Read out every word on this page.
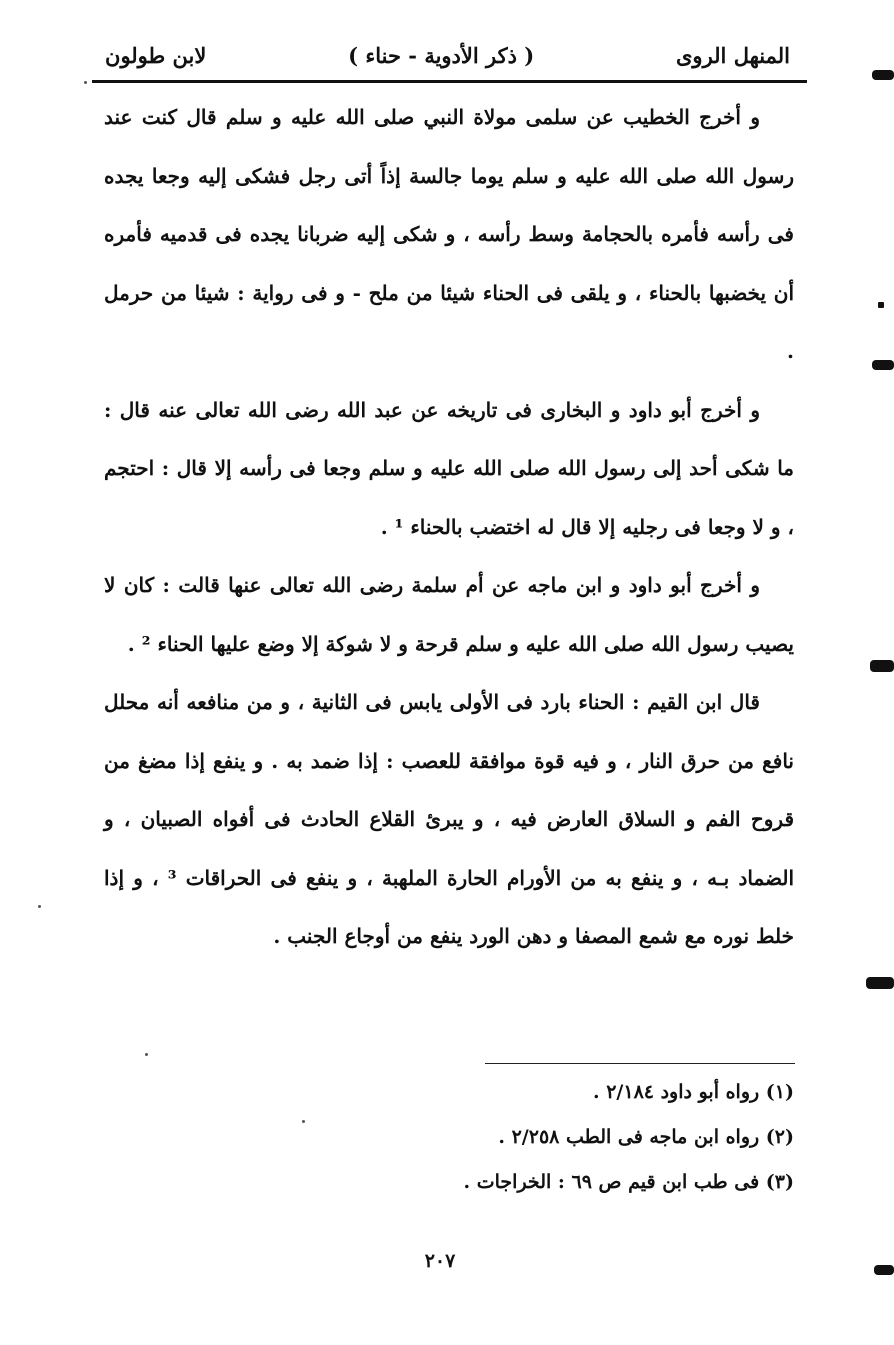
المنهل الروى
( ذكر الأدوية - حناء )
لابن طولون

و أخرج الخطيب عن سلمى مولاة النبي صلى الله عليه و سلم قال كنت عند رسول الله صلى الله عليه و سلم يوما جالسة إذاً أتى رجل فشكى إليه وجعا يجده فى رأسه فأمره بالحجامة وسط رأسه ، و شكى إليه ضربانا يجده فى قدميه فأمره أن يخضبها بالحناء ، و يلقى فى الحناء شيئا من ملح - و فى رواية : شيئا من حرمل .

و أخرج أبو داود و البخارى فى تاريخه عن عبد الله رضى الله تعالى عنه قال : ما شكى أحد إلى رسول الله صلى الله عليه و سلم وجعا فى رأسه إلا قال : احتجم ، و لا وجعا فى رجليه إلا قال له اختضب بالحناء ¹ .

و أخرج أبو داود و ابن ماجه عن أم سلمة رضى الله تعالى عنها قالت : كان لا يصيب رسول الله صلى الله عليه و سلم قرحة و لا شوكة إلا وضع عليها الحناء ² .

قال ابن القيم : الحناء بارد فى الأولى يابس فى الثانية ، و من منافعه أنه محلل نافع من حرق النار ، و فيه قوة موافقة للعصب : إذا ضمد به . و ينفع إذا مضغ من قروح الفم و السلاق العارض فيه ، و يبرئ القلاع الحادث فى أفواه الصبيان ، و الضماد بـه ، و ينفع به من الأورام الحارة الملهبة ، و ينفع فى الحراقات ³ ، و إذا خلط نوره مع شمع المصفا و دهن الورد ينفع من أوجاع الجنب .

(١) رواه أبو داود ٢/١٨٤ .
(٢) رواه ابن ماجه فى الطب ٢/٢٥٨ .
(٣) فى طب ابن قيم ص ٦٩ : الخراجات .
٢٠٧
